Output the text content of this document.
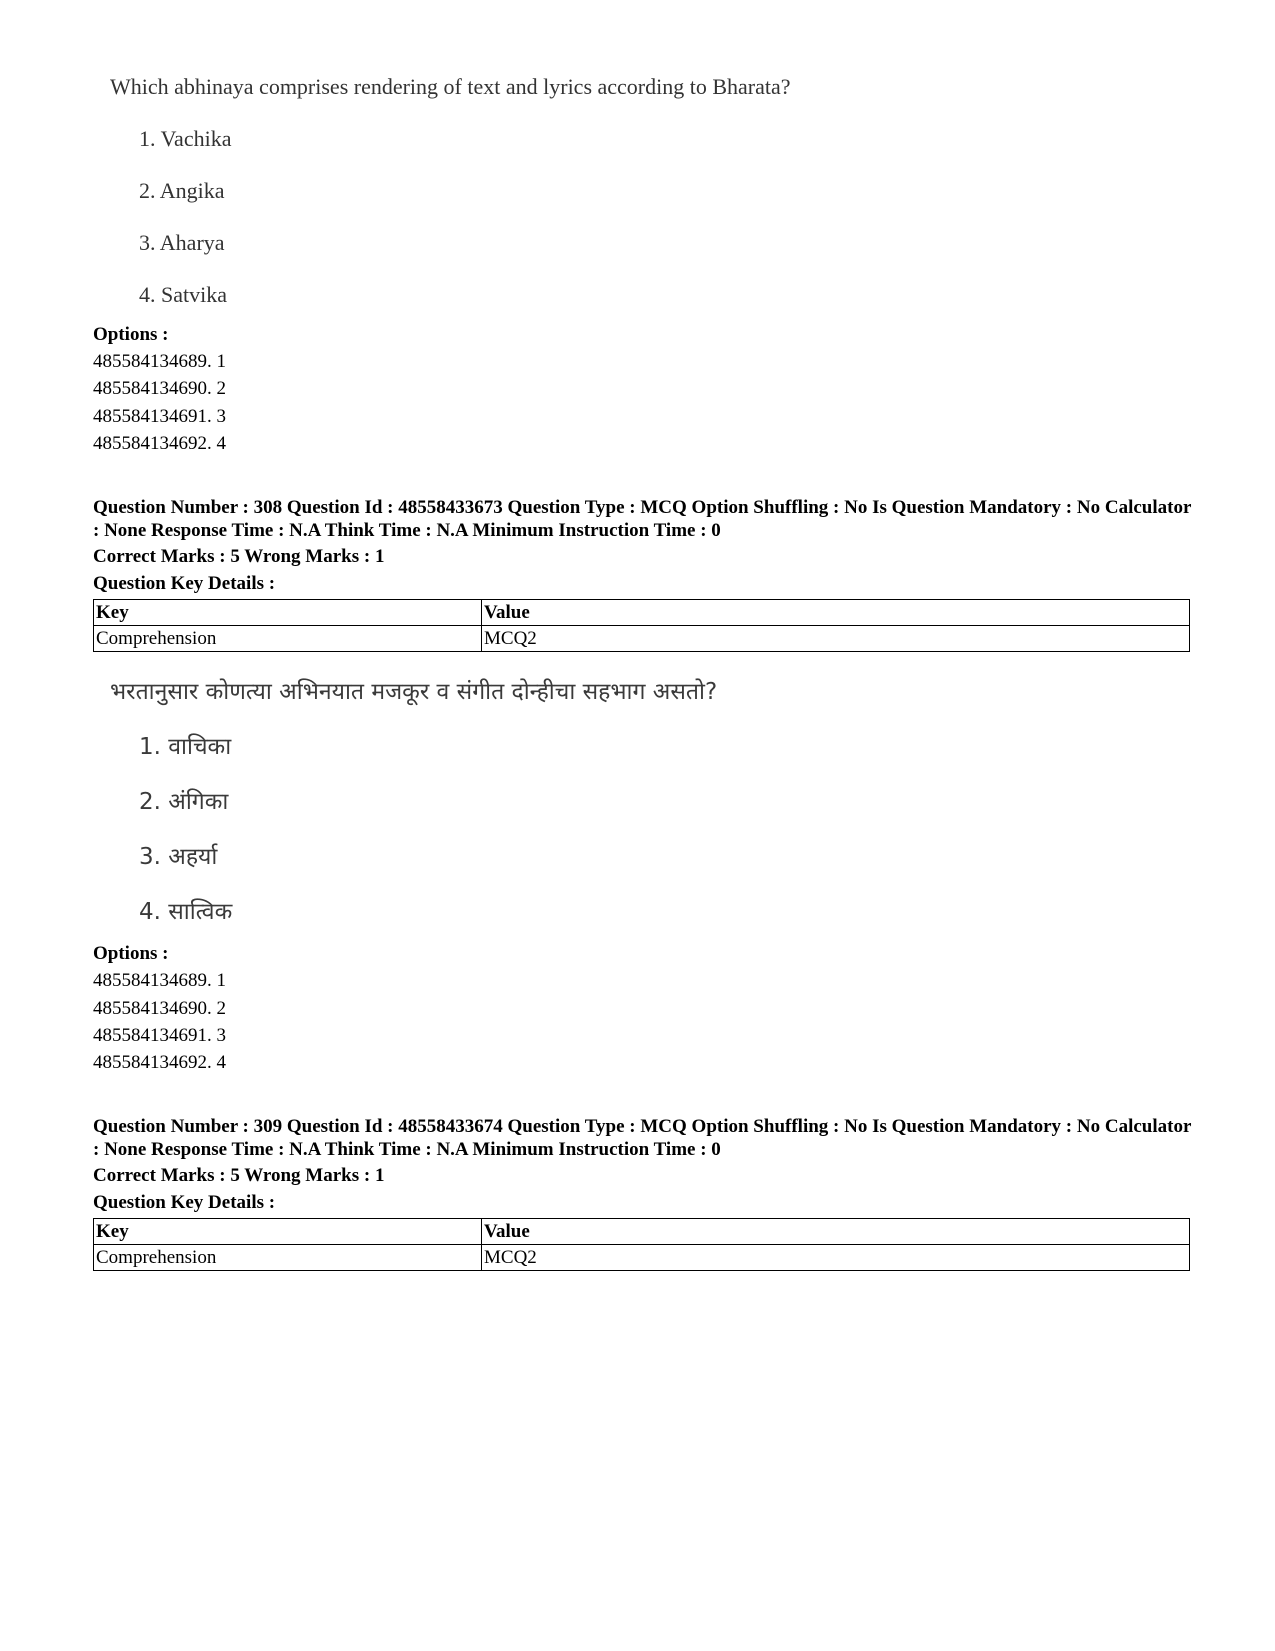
Which abhinaya comprises rendering of text and lyrics according to Bharata?
1. Vachika
2. Angika
3. Aharya
4. Satvika
Options :
485584134689. 1
485584134690. 2
485584134691. 3
485584134692. 4
Question Number : 308 Question Id : 48558433673 Question Type : MCQ Option Shuffling : No Is Question Mandatory : No Calculator : None Response Time : N.A Think Time : N.A Minimum Instruction Time : 0
Correct Marks : 5 Wrong Marks : 1
Question Key Details :
Key	Value
Comprehension	MCQ2
भरतानुसार कोणत्या अभिनयात मजकूर व संगीत दोन्हीचा सहभाग असतो?
1. वाचिका
2. अंगिका
3. अहर्या
4. सात्विक
Options :
485584134689. 1
485584134690. 2
485584134691. 3
485584134692. 4
Question Number : 309 Question Id : 48558433674 Question Type : MCQ Option Shuffling : No Is Question Mandatory : No Calculator : None Response Time : N.A Think Time : N.A Minimum Instruction Time : 0
Correct Marks : 5 Wrong Marks : 1
Question Key Details :
Key	Value
Comprehension	MCQ2
